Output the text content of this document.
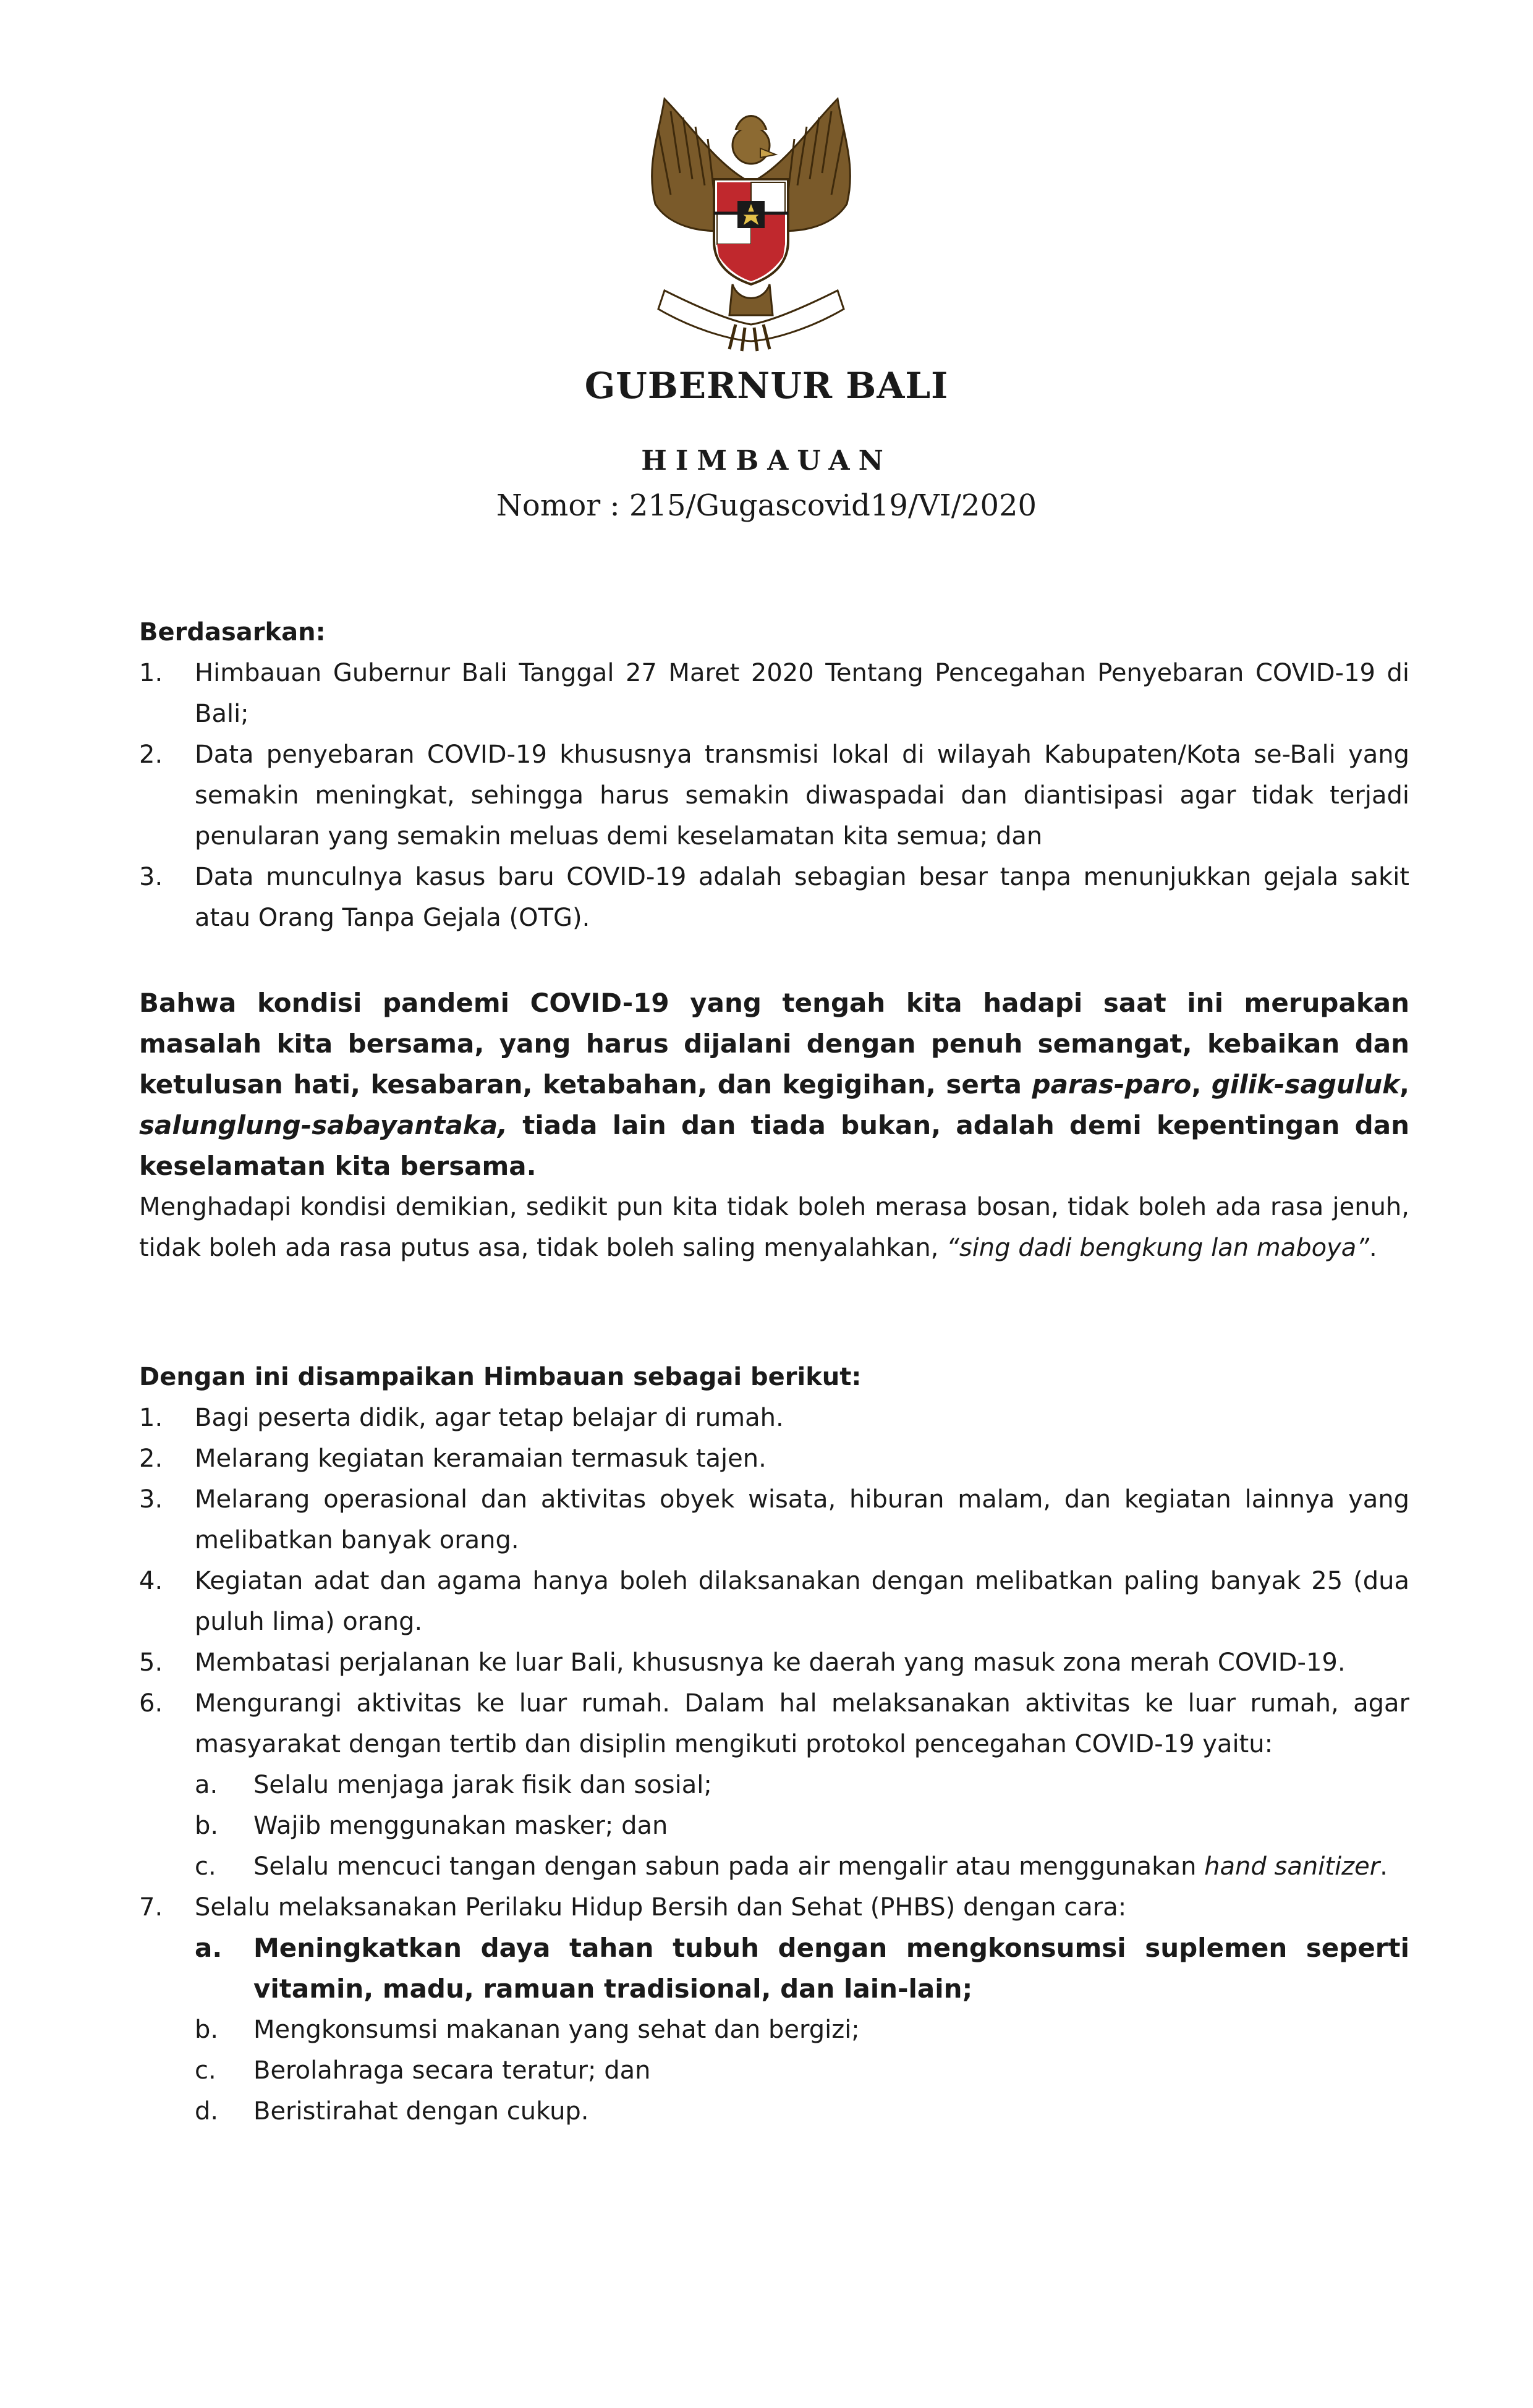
GUBERNUR BALI
HIMBAUAN
Nomor : 215/Gugascovid19/VI/2020

Berdasarkan:

1. Himbauan Gubernur Bali Tanggal 27 Maret 2020 Tentang Pencegahan Penyebaran COVID-19 di Bali;
2. Data penyebaran COVID-19 khususnya transmisi lokal di wilayah Kabupaten/Kota se-Bali yang semakin meningkat, sehingga harus semakin diwaspadai dan diantisipasi agar tidak terjadi penularan yang semakin meluas demi keselamatan kita semua; dan
3. Data munculnya kasus baru COVID-19 adalah sebagian besar tanpa menunjukkan gejala sakit atau Orang Tanpa Gejala (OTG).

Bahwa kondisi pandemi COVID-19 yang tengah kita hadapi saat ini merupakan masalah kita bersama, yang harus dijalani dengan penuh semangat, kebaikan dan ketulusan hati, kesabaran, ketabahan, dan kegigihan, serta paras-paro, gilik-saguluk, salunglung-sabayantaka, tiada lain dan tiada bukan, adalah demi kepentingan dan keselamatan kita bersama.

Menghadapi kondisi demikian, sedikit pun kita tidak boleh merasa bosan, tidak boleh ada rasa jenuh, tidak boleh ada rasa putus asa, tidak boleh saling menyalahkan, “sing dadi bengkung lan maboya”.

Dengan ini disampaikan Himbauan sebagai berikut:

1. Bagi peserta didik, agar tetap belajar di rumah.
2. Melarang kegiatan keramaian termasuk tajen.
3. Melarang operasional dan aktivitas obyek wisata, hiburan malam, dan kegiatan lainnya yang melibatkan banyak orang.
4. Kegiatan adat dan agama hanya boleh dilaksanakan dengan melibatkan paling banyak 25 (dua puluh lima) orang.
5. Membatasi perjalanan ke luar Bali, khususnya ke daerah yang masuk zona merah COVID-19.
6. Mengurangi aktivitas ke luar rumah. Dalam hal melaksanakan aktivitas ke luar rumah, agar masyarakat dengan tertib dan disiplin mengikuti protokol pencegahan COVID-19 yaitu:
a. Selalu menjaga jarak fisik dan sosial;
b. Wajib menggunakan masker; dan
c. Selalu mencuci tangan dengan sabun pada air mengalir atau menggunakan hand sanitizer.
7. Selalu melaksanakan Perilaku Hidup Bersih dan Sehat (PHBS) dengan cara:
a. Meningkatkan daya tahan tubuh dengan mengkonsumsi suplemen seperti vitamin, madu, ramuan tradisional, dan lain-lain;
b. Mengkonsumsi makanan yang sehat dan bergizi;
c. Berolahraga secara teratur; dan
d. Beristirahat dengan cukup.
